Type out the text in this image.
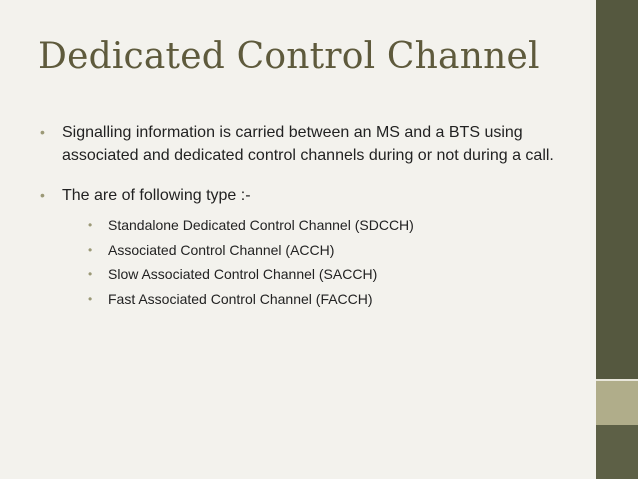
Dedicated Control Channel
• Signalling information is carried between an MS and a BTS using associated and dedicated control channels during or not during a call.
• The are of following type :-
• Standalone Dedicated Control Channel (SDCCH)
• Associated Control Channel (ACCH)
• Slow Associated Control Channel (SACCH)
• Fast Associated Control Channel (FACCH)
